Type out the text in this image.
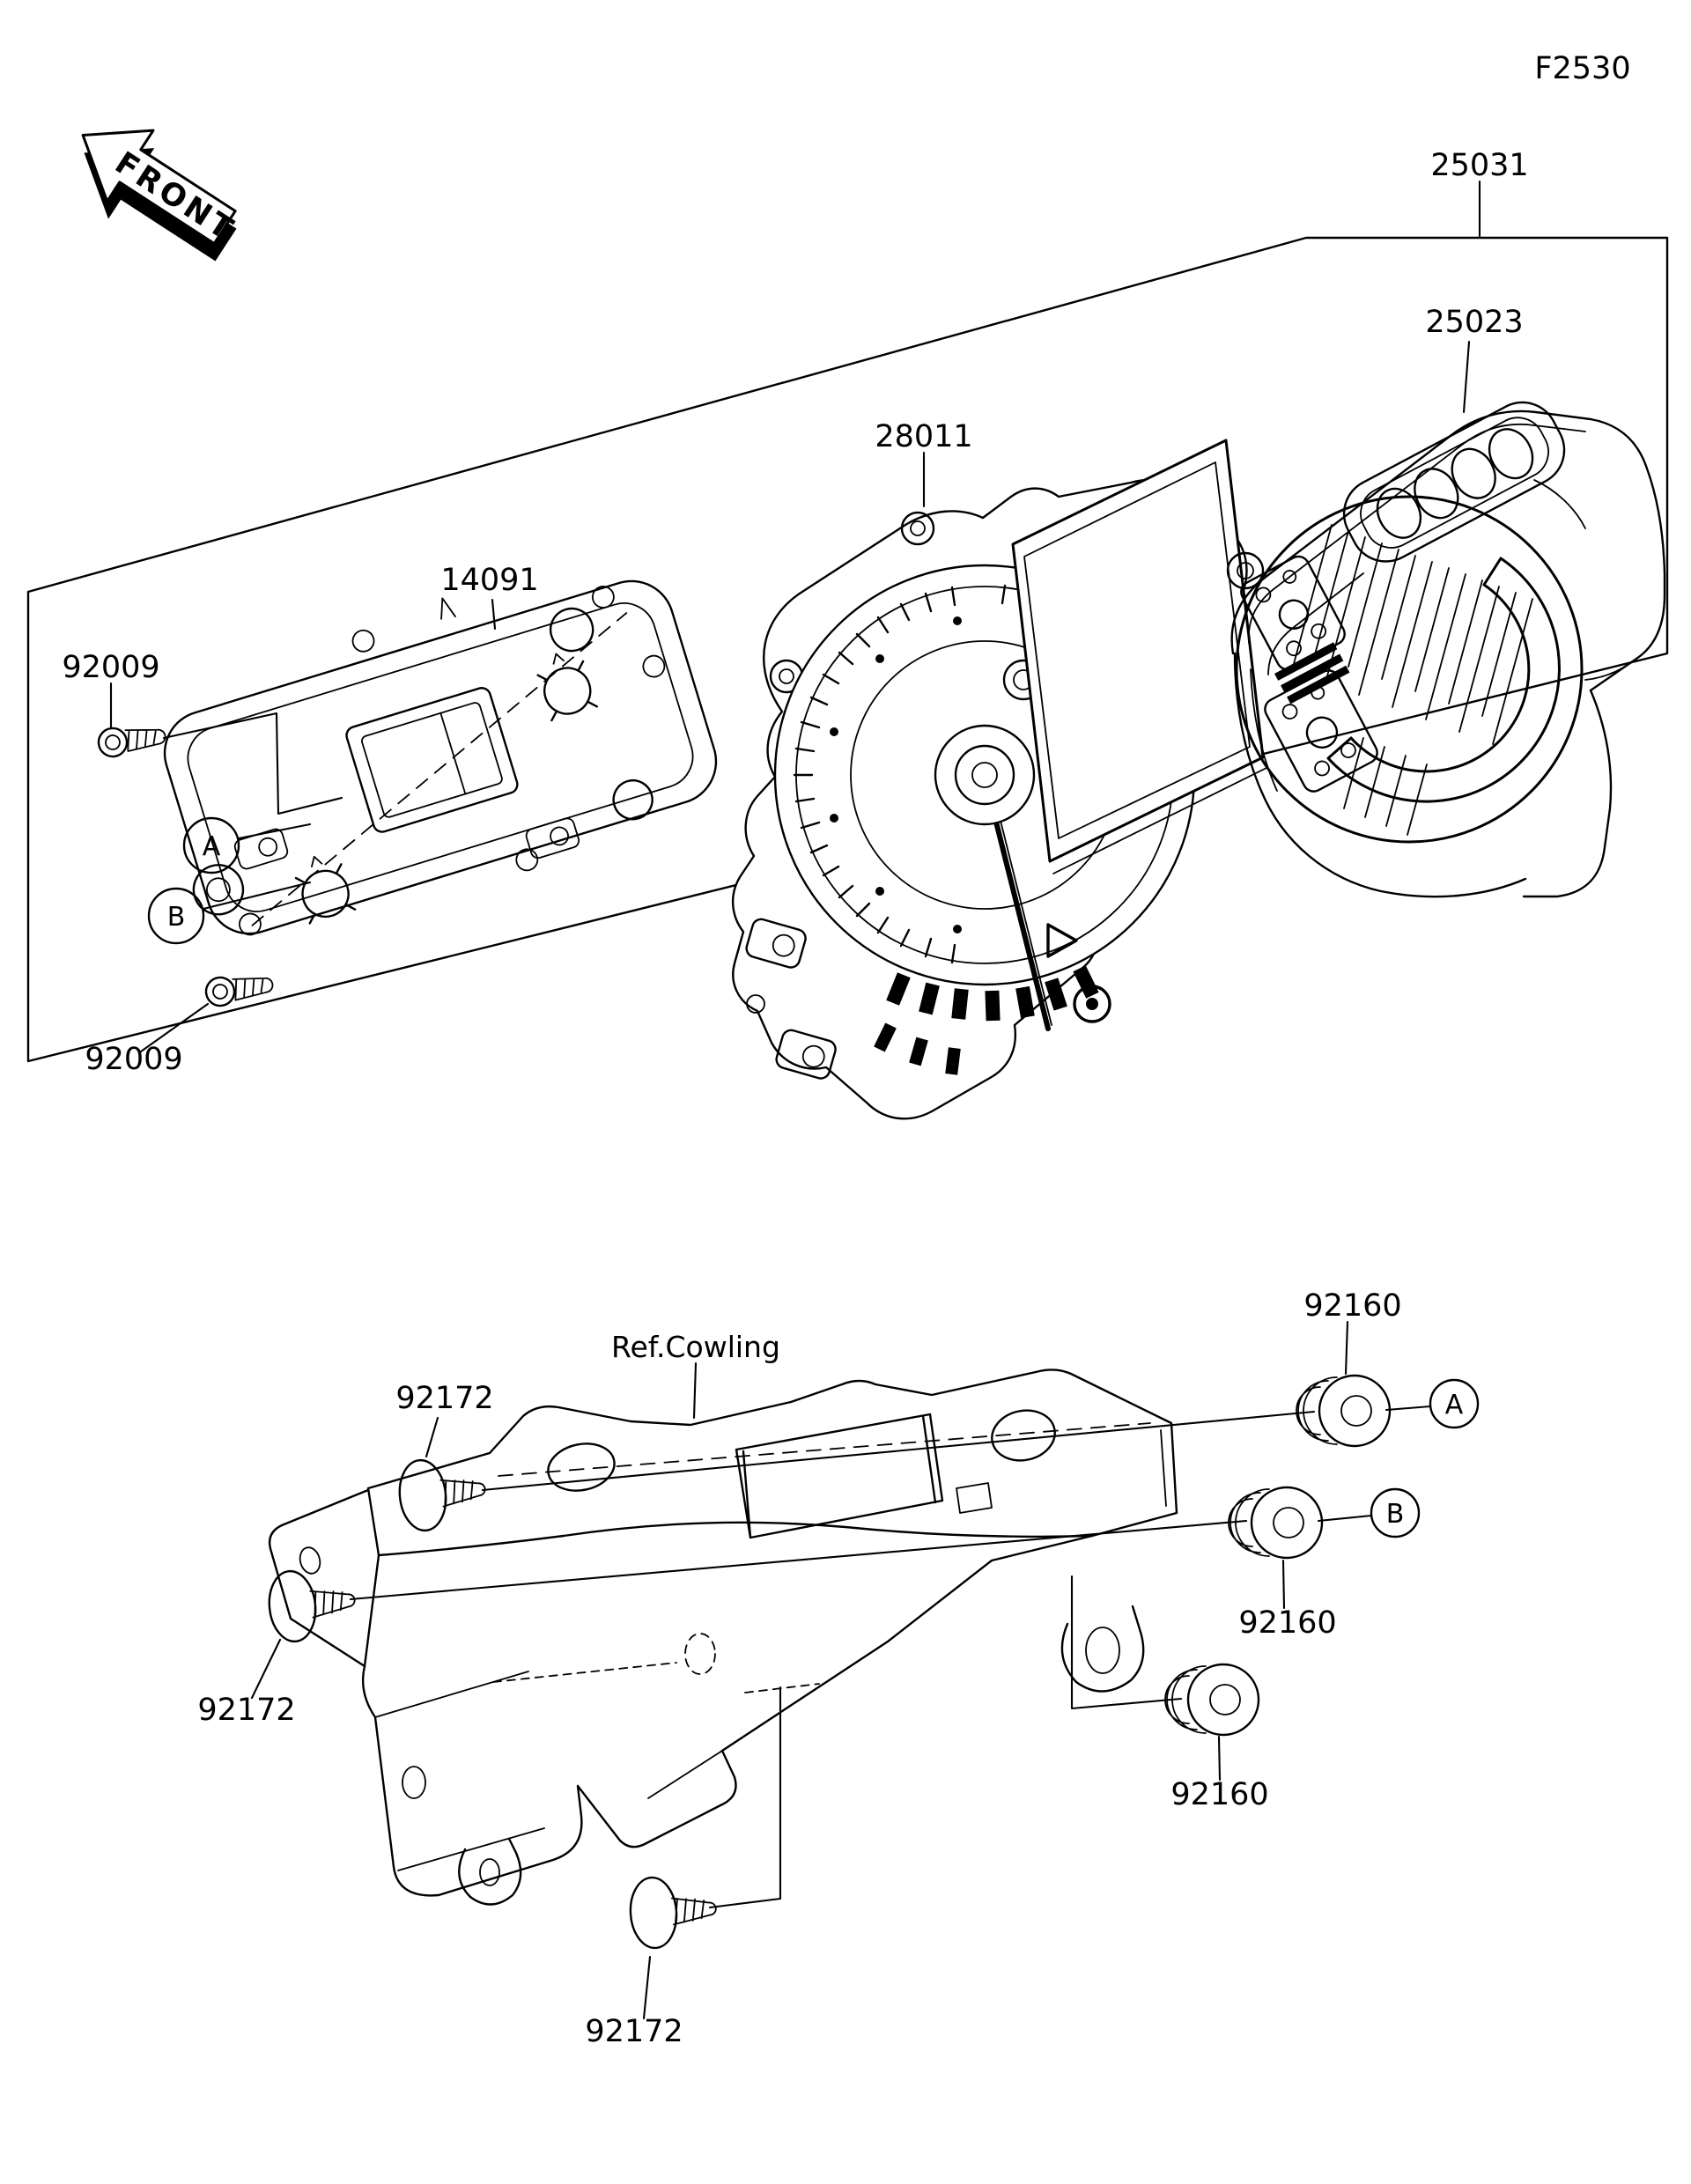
F2530
FRONT	25031
14091
92009
92009
A
B
28011
25023
Ref.Cowling
92172
92172
92172
92160
92160
92160
A
B
